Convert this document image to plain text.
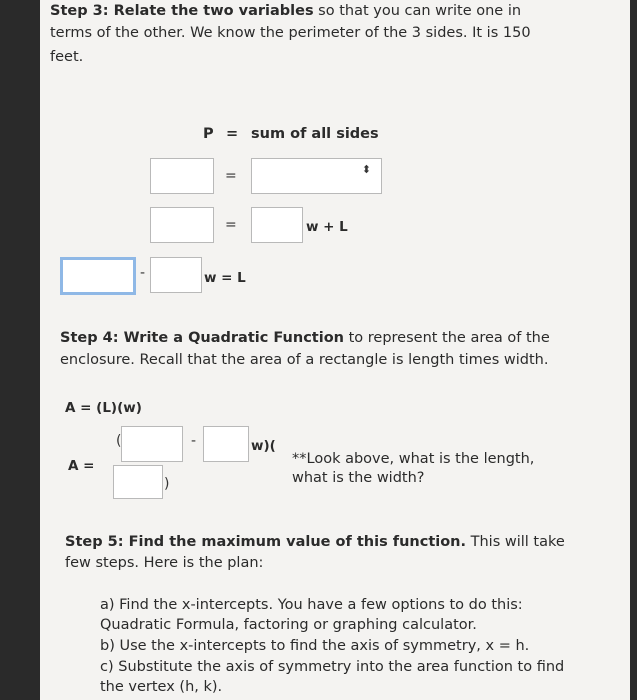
Step 3: Relate the two variables so that you can write one in
terms of the other. We know the perimeter of the 3 sides. It is 150
feet.
P = sum of all sides
=	⬍
=	w + L
-	w = L
Step 4: Write a Quadratic Function to represent the area of the
enclosure. Recall that the area of a rectangle is length times width.
A = (L)(w)
A =
(	-	w)(
)
**Look above, what is the length,
what is the width?
Step 5: Find the maximum value of this function. This will take
few steps. Here is the plan:
a) Find the x-intercepts. You have a few options to do this:
Quadratic Formula, factoring or graphing calculator.
b) Use the x-intercepts to find the axis of symmetry, x = h.
c) Substitute the axis of symmetry into the area function to find
the vertex (h, k).
